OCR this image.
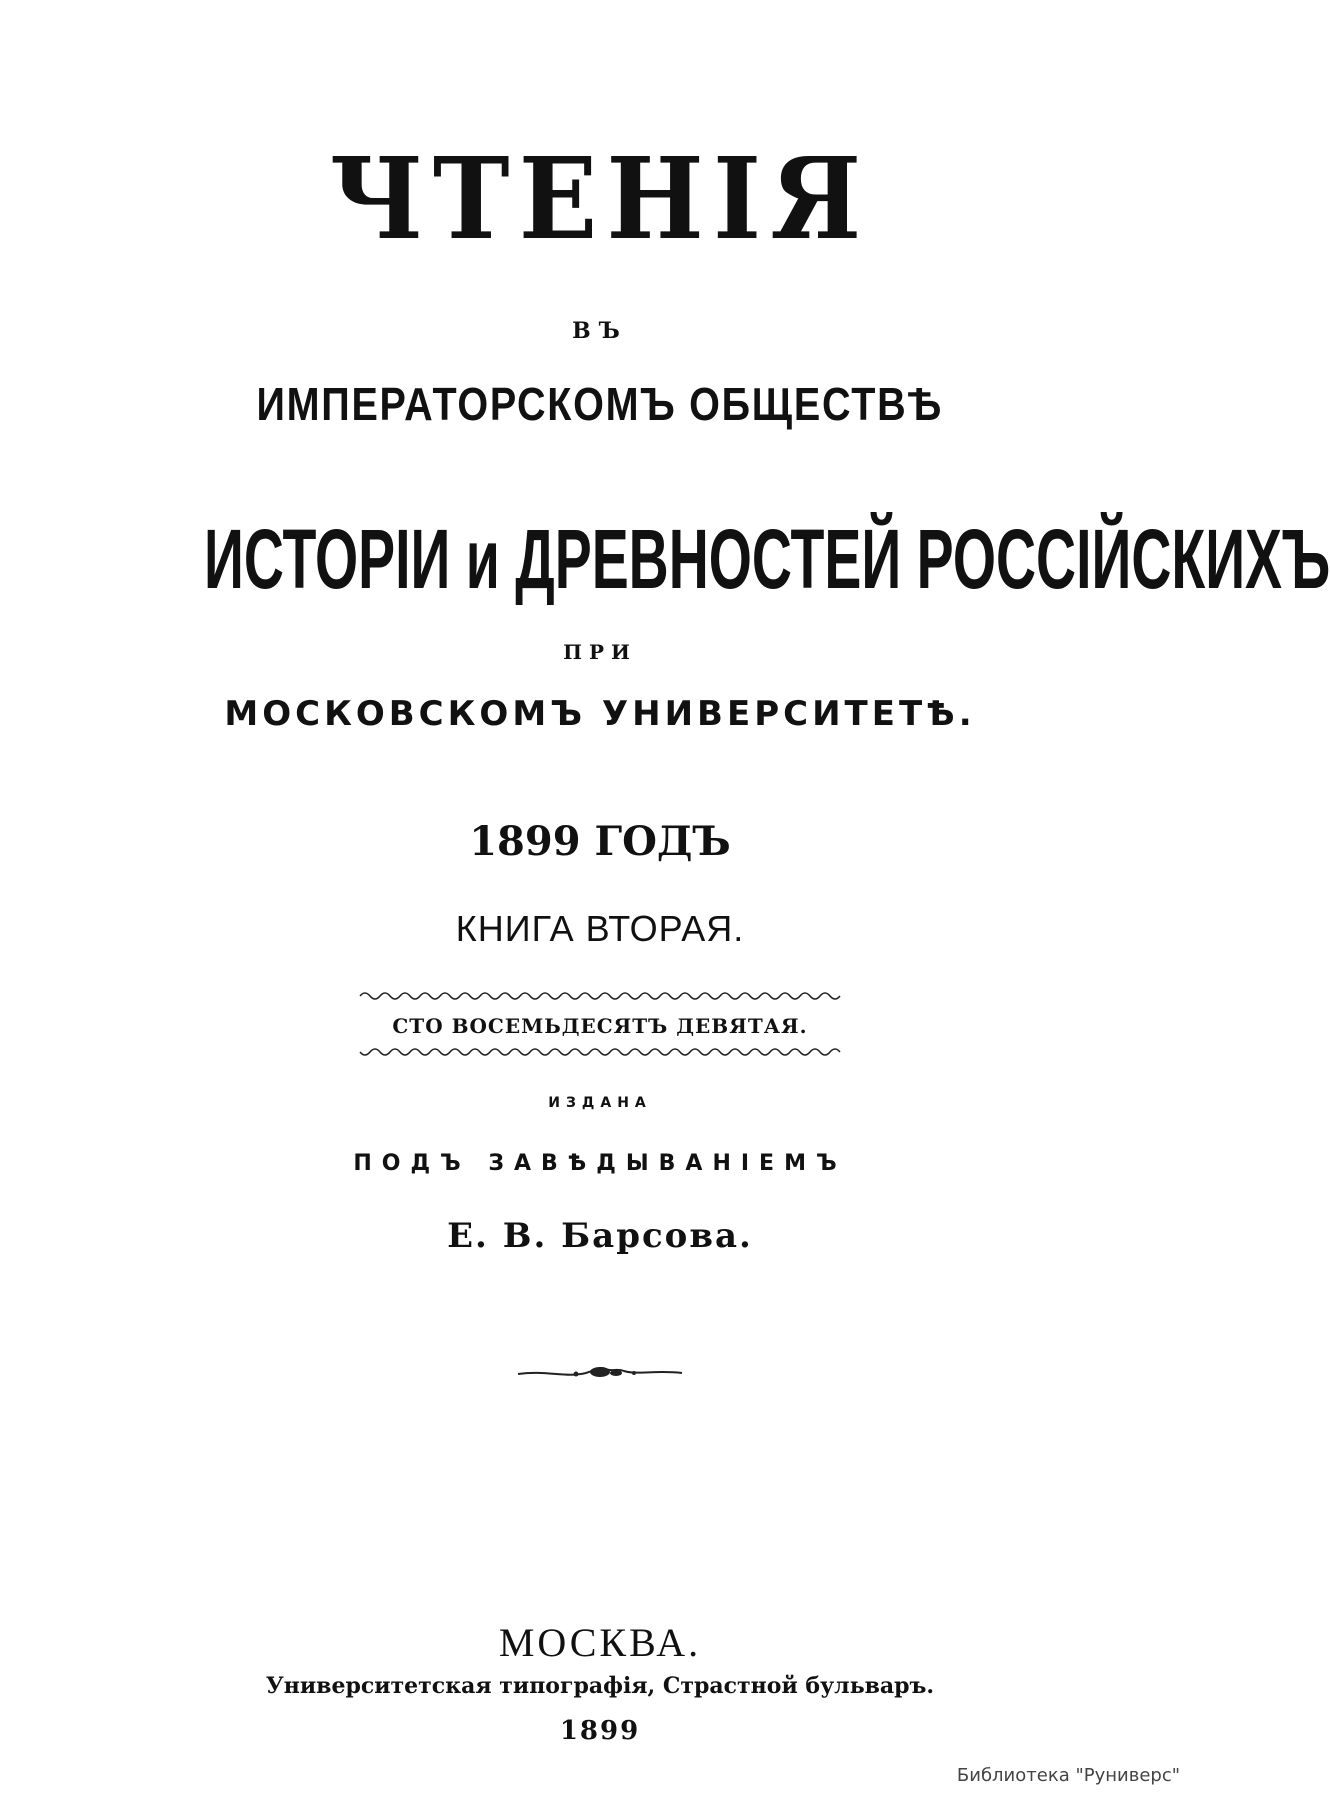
ЧТЕНІЯ
ВЪ
ИМПЕРАТОРСКОМЪ ОБЩЕСТВѢ
ИСТОРІИ и ДРЕВНОСТЕЙ РОССІЙСКИХЪ
ПРИ
МОСКОВСКОМЪ УНИВЕРСИТЕТѢ.
1899 ГОДЪ
КНИГА ВТОРАЯ.
СТО ВОСЕМЬДЕСЯТЪ ДЕВЯТАЯ.
ИЗДАНА
ПОДЪ ЗАВѢДЫВАНІЕМЪ
Е. В. Барсова.
МОСКВА.
Университетская типографія, Страстной бульваръ.
1899
Библиотека "Руниверс"
